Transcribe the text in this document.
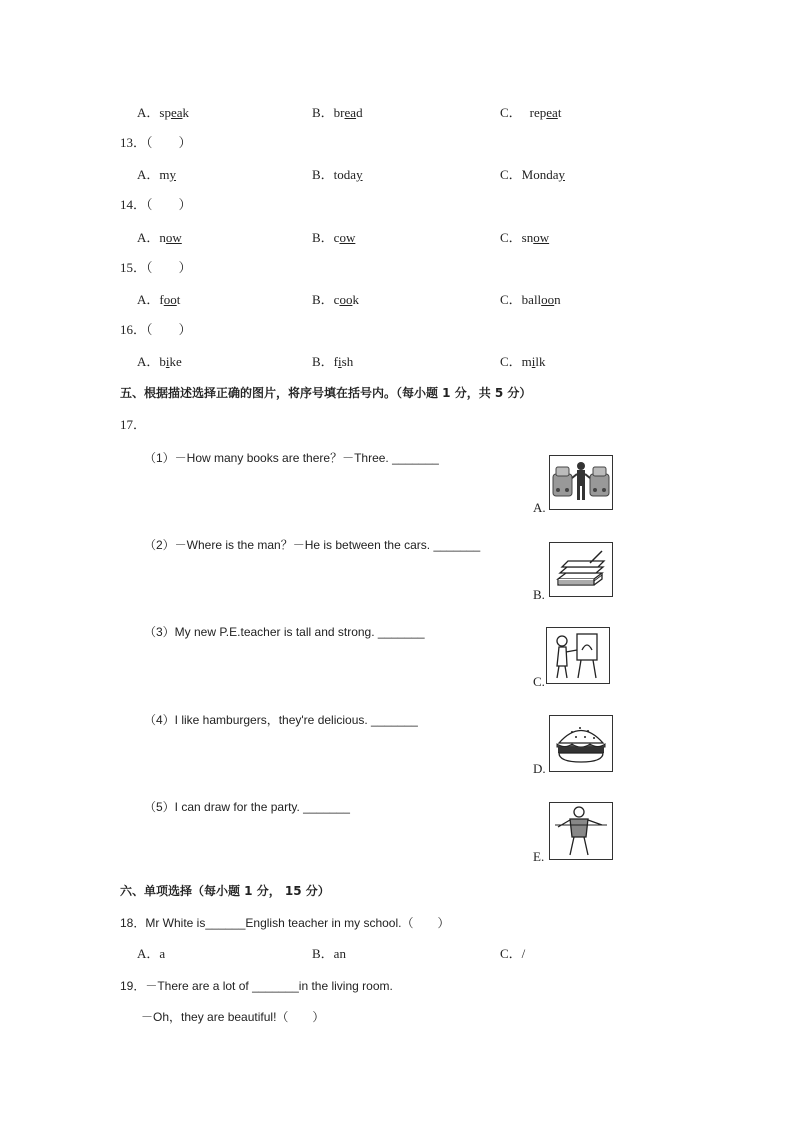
A．speak	B．bread	C． repeat
13．（　　）
A．my	B．today	C．Monday
14．（　　）
A．now	B．cow	C．snow
15．（　　）
A．foot	B．cook	C．balloon
16．（　　）
A．bike	B．fish	C．milk
五、根据描述选择正确的图片，将序号填在括号内。（每小题 1 分，共 5 分）
17．
（1）－How many books are there？－Three. _______
（2）－Where is the man？－He is between the cars. _______
（3）My new P.E.teacher is tall and strong. _______
（4）I like hamburgers，they're delicious. _______
（5）I can draw for the party. _______
A.
B.
C.
D.
E.
六、单项选择（每小题 1 分， 15 分）
18．Mr White is______English teacher in my school.（　　）
A．a	B．an	C．/
19．－There are a lot of _______in the living room.
－Oh，they are beautiful!（　　）
